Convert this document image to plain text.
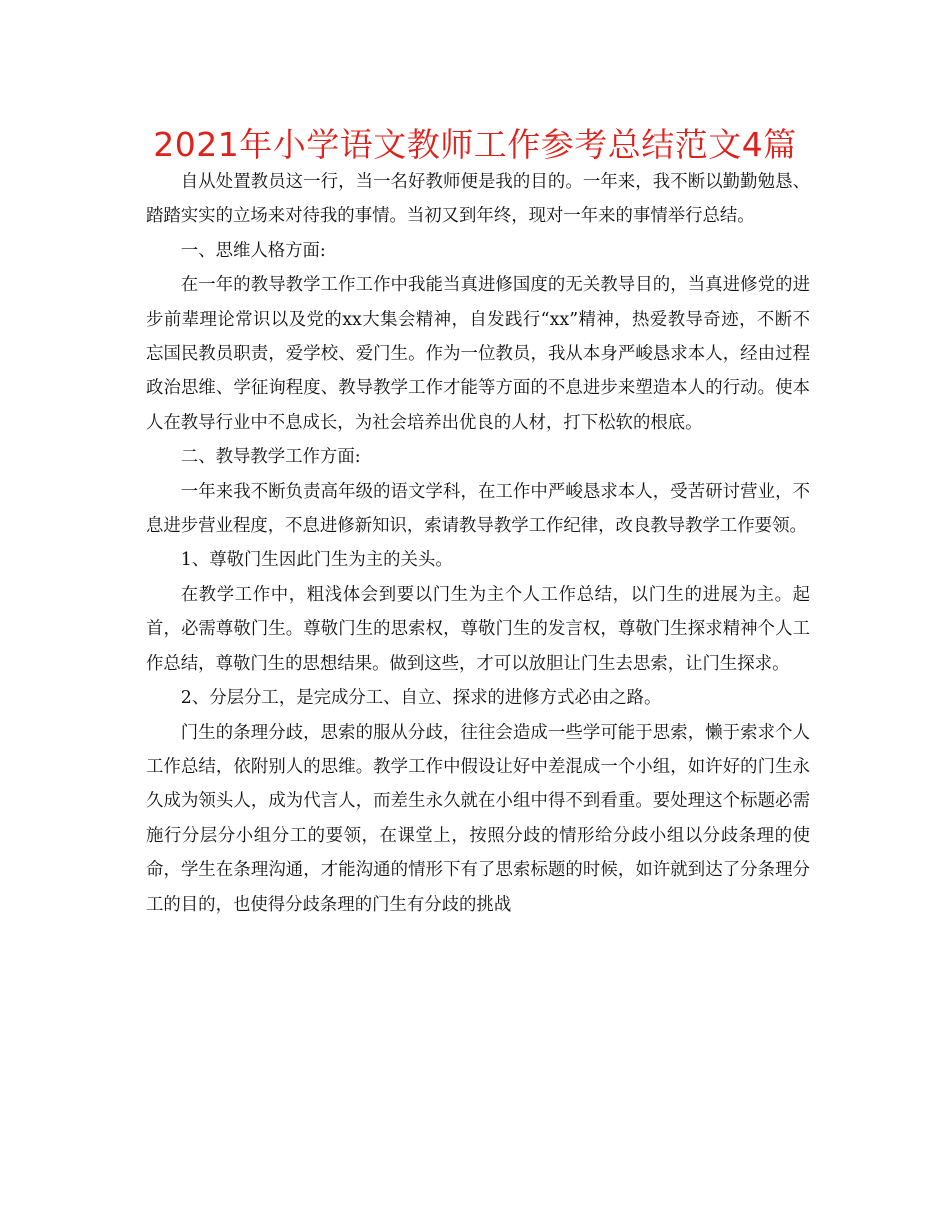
2021年小学语文教师工作参考总结范文4篇

自从处置教员这一行，当一名好教师便是我的目的。一年来，我不断以勤勤勉恳、踏踏实实的立场来对待我的事情。当初又到年终，现对一年来的事情举行总结。

一、思维人格方面:

在一年的教导教学工作工作中我能当真进修国度的无关教导目的，当真进修党的进步前辈理论常识以及党的xx大集会精神，自发践行“xx”精神，热爱教导奇迹，不断不忘国民教员职责，爱学校、爱门生。作为一位教员，我从本身严峻恳求本人，经由过程政治思维、学征询程度、教导教学工作才能等方面的不息进步来塑造本人的行动。使本人在教导行业中不息成长，为社会培养出优良的人材，打下松软的根底。

二、教导教学工作方面:

一年来我不断负责高年级的语文学科，在工作中严峻恳求本人，受苦研讨营业，不息进步营业程度，不息进修新知识，索请教导教学工作纪律，改良教导教学工作要领。

1、尊敬门生因此门生为主的关头。

在教学工作中，粗浅体会到要以门生为主个人工作总结，以门生的进展为主。起首，必需尊敬门生。尊敬门生的思索权，尊敬门生的发言权，尊敬门生探求精神个人工作总结，尊敬门生的思想结果。做到这些，才可以放胆让门生去思索，让门生探求。

2、分层分工，是完成分工、自立、探求的进修方式必由之路。

门生的条理分歧，思索的服从分歧，往往会造成一些学可能于思索，懒于索求个人工作总结，依附别人的思维。教学工作中假设让好中差混成一个小组，如许好的门生永久成为领头人，成为代言人，而差生永久就在小组中得不到看重。要处理这个标题必需施行分层分小组分工的要领，在课堂上，按照分歧的情形给分歧小组以分歧条理的使命，学生在条理沟通，才能沟通的情形下有了思索标题的时候，如许就到达了分条理分工的目的，也使得分歧条理的门生有分歧的挑战
